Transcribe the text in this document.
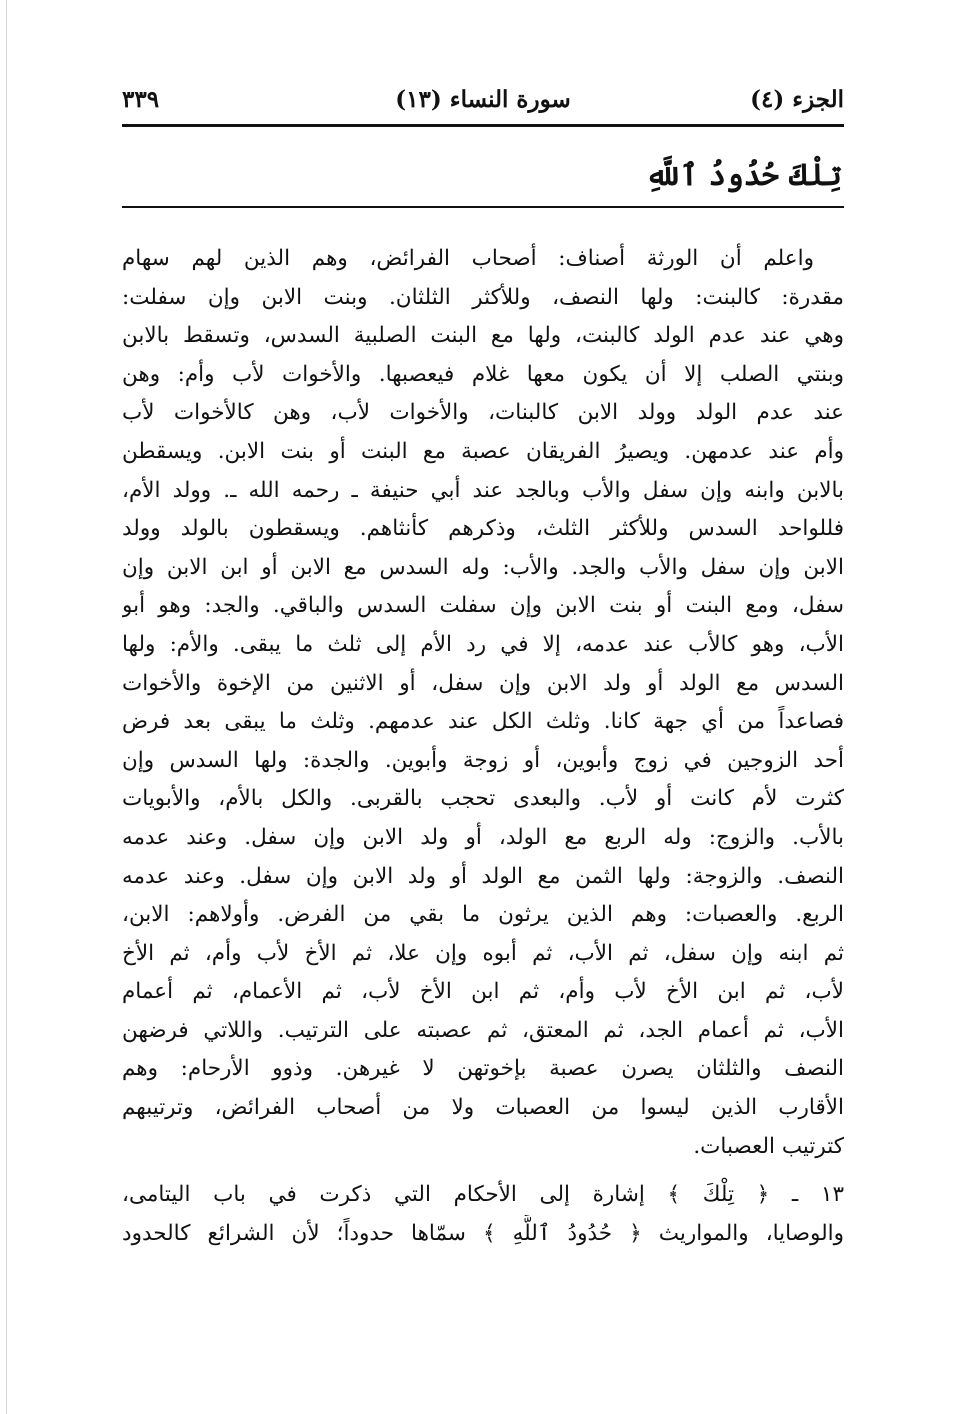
الجزء (٤)
سورة النساء (١٣)
٣٣٩
تِلْكَ حُدُودُ ٱللَّهِ
واعلم أن الورثة أصناف: أصحاب الفرائض، وهم الذين لهم سهام
مقدرة: كالبنت: ولها النصف، وللأكثر الثلثان. وبنت الابن وإن سفلت:
وهي عند عدم الولد كالبنت، ولها مع البنت الصلبية السدس، وتسقط بالابن
وبنتي الصلب إلا أن يكون معها غلام فيعصبها. والأخوات لأب وأم: وهن
عند عدم الولد وولد الابن كالبنات، والأخوات لأب، وهن كالأخوات لأب
وأم عند عدمهن. ويصيرُ الفريقان عصبة مع البنت أو بنت الابن. ويسقطن
بالابن وابنه وإن سفل والأب وبالجد عند أبي حنيفة ـ رحمه الله ـ. وولد الأم،
فللواحد السدس وللأكثر الثلث، وذكرهم كأنثاهم. ويسقطون بالولد وولد
الابن وإن سفل والأب والجد. والأب: وله السدس مع الابن أو ابن الابن وإن
سفل، ومع البنت أو بنت الابن وإن سفلت السدس والباقي. والجد: وهو أبو
الأب، وهو كالأب عند عدمه، إلا في رد الأم إلى ثلث ما يبقى. والأم: ولها
السدس مع الولد أو ولد الابن وإن سفل، أو الاثنين من الإخوة والأخوات
فصاعداً من أي جهة كانا. وثلث الكل عند عدمهم. وثلث ما يبقى بعد فرض
أحد الزوجين في زوج وأبوين، أو زوجة وأبوين. والجدة: ولها السدس وإن
كثرت لأم كانت أو لأب. والبعدى تحجب بالقربى. والكل بالأم، والأبويات
بالأب. والزوج: وله الربع مع الولد، أو ولد الابن وإن سفل. وعند عدمه
النصف. والزوجة: ولها الثمن مع الولد أو ولد الابن وإن سفل. وعند عدمه
الربع. والعصبات: وهم الذين يرثون ما بقي من الفرض. وأولاهم: الابن،
ثم ابنه وإن سفل، ثم الأب، ثم أبوه وإن علا، ثم الأخ لأب وأم، ثم الأخ
لأب، ثم ابن الأخ لأب وأم، ثم ابن الأخ لأب، ثم الأعمام، ثم أعمام
الأب، ثم أعمام الجد، ثم المعتق، ثم عصبته على الترتيب. واللاتي فرضهن
النصف والثلثان يصرن عصبة بإخوتهن لا غيرهن. وذوو الأرحام: وهم
الأقارب الذين ليسوا من العصبات ولا من أصحاب الفرائض، وترتيبهم
كترتيب العصبات.
١٣ ـ ﴿ تِلْكَ ﴾ إشارة إلى الأحكام التي ذكرت في باب اليتامى،
والوصايا، والمواريث ﴿ حُدُودُ ٱللَّهِ ﴾ سمّاها حدوداً؛ لأن الشرائع كالحدود
